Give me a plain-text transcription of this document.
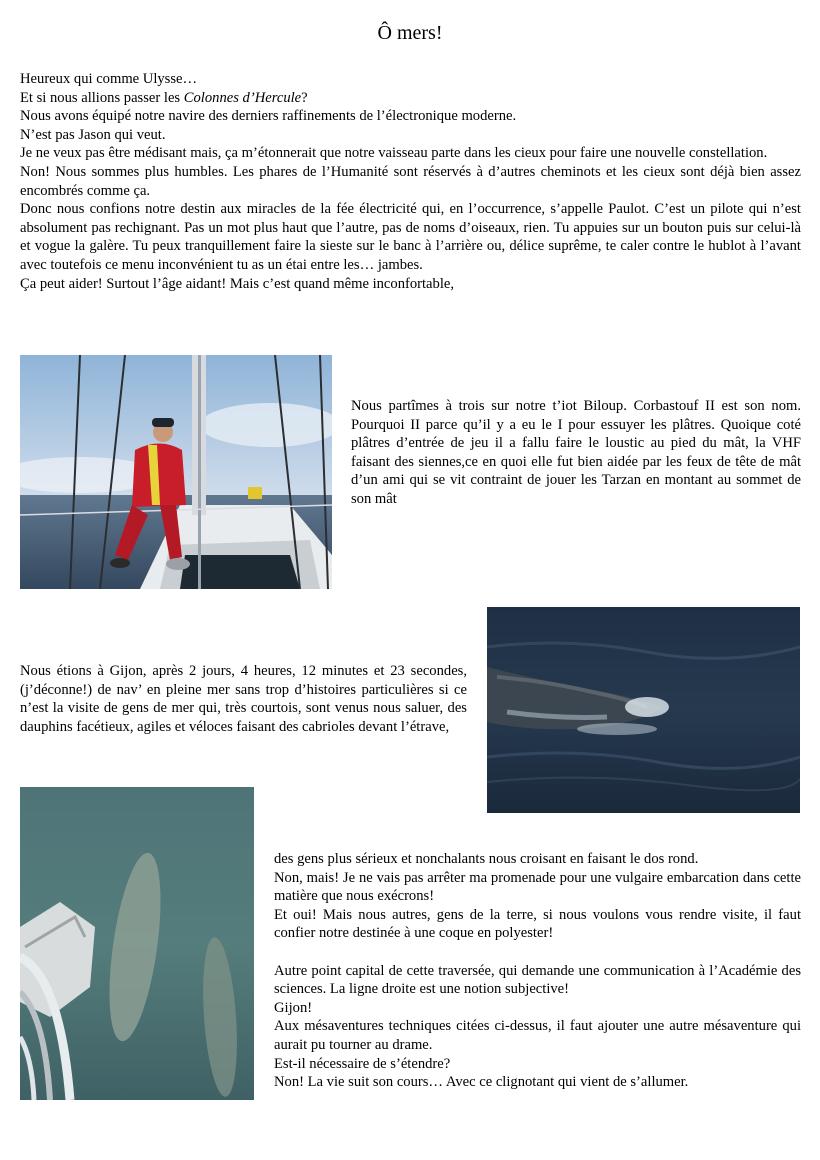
Ô mers!

Heureux qui comme Ulysse…

Et si nous allions passer les Colonnes d’Hercule?

Nous avons équipé notre navire des derniers raffinements de l’électronique moderne.

N’est pas Jason qui veut.

Je ne veux pas être médisant mais, ça m’étonnerait que notre vaisseau parte dans les cieux pour faire une nouvelle constellation.

Non! Nous sommes plus humbles. Les phares de l’Humanité sont réservés à d’autres cheminots et les cieux sont déjà bien assez encombrés comme ça.

Donc nous confions notre destin aux miracles de la fée électricité qui, en l’occurrence, s’appelle Paulot. C’est un pilote qui n’est absolument pas rechignant. Pas un mot plus haut que l’autre, pas de noms d’oiseaux, rien. Tu appuies sur un bouton puis sur celui-là et vogue la galère. Tu peux tranquillement faire la sieste sur le banc à l’arrière ou, délice suprême, te caler contre le hublot à l’avant avec toutefois ce menu inconvénient tu as un étai entre les… jambes.

Ça peut aider! Surtout l’âge aidant! Mais c’est quand même inconfortable,

Nous partîmes à trois sur notre t’iot Biloup. Corbastouf II est son nom. Pourquoi II parce qu’il y a eu le I pour essuyer les plâtres. Quoique coté plâtres d’entrée de jeu il a fallu faire le loustic au pied du mât, la VHF faisant des siennes,ce en quoi elle fut bien aidée par les feux de tête de mât d’un ami qui se vit contraint de jouer les Tarzan en montant au sommet de son mât
Nous étions à Gijon, après 2 jours, 4 heures, 12 minutes et 23 secondes, (j’déconne!) de nav’ en pleine mer sans trop d’histoires particulières si ce n’est la visite de gens de mer qui, très courtois, sont venus nous saluer, des dauphins facétieux, agiles et véloces faisant des cabrioles devant l’étrave,

des gens plus sérieux et nonchalants nous croisant en faisant le dos rond.

Non, mais! Je ne vais pas arrêter ma promenade pour une vulgaire embarcation dans cette matière que nous exécrons!

Et oui! Mais nous autres, gens de la terre, si nous voulons vous rendre visite, il faut confier notre destinée à une coque en polyester!

Autre point capital de cette traversée, qui demande une communication à l’Académie des sciences. La ligne droite est une notion subjective!

Gijon!

Aux mésaventures techniques citées ci-dessus, il faut ajouter une autre mésaventure qui aurait pu tourner au drame.

Est-il nécessaire de s’étendre?

Non! La vie suit son cours… Avec ce clignotant qui vient de s’allumer.
